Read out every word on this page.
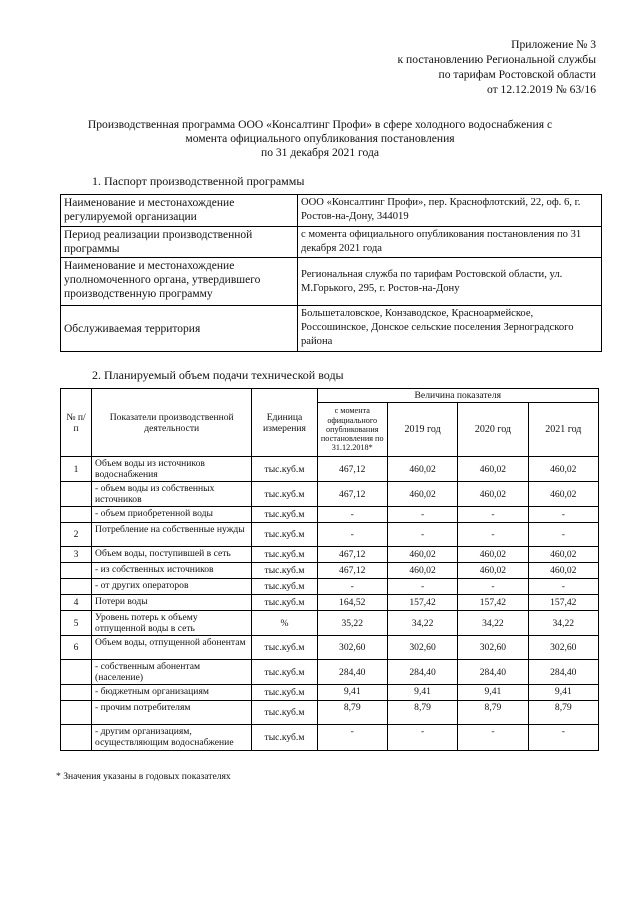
Приложение № 3
к постановлению Региональной службы
по тарифам Ростовской области
от 12.12.2019 № 63/16
Производственная программа ООО «Консалтинг Профи» в сфере холодного водоснабжения с
момента официального опубликования постановления
по 31 декабря 2021 года
1. Паспорт производственной программы
Наименование и местонахождение регулируемой организации	ООО «Консалтинг Профи», пер. Краснофлотский, 22, оф. 6, г. Ростов-на-Дону, 344019
Период реализации производственной программы	с момента официального опубликования постановления по 31 декабря 2021 года
Наименование и местонахождение уполномоченного органа, утвердившего производственную программу	Региональная служба по тарифам Ростовской области, ул. М.Горького, 295, г. Ростов-на-Дону
Обслуживаемая территория	Большеталовское, Конзаводское, Красноармейское, Россошинское, Донское сельские поселения Зерноградского района
2. Планируемый объем подачи технической воды
№ п/п	Показатели производственной деятельности	Единица измерения	Величина показателя			
			с момента официального опубликования постановления по 31.12.2018*	2019 год	2020 год	2021 год
1	Объем воды из источников водоснабжения	тыс.куб.м	467,12	460,02	460,02	460,02
	- объем воды из собственных источников	тыс.куб.м	467,12	460,02	460,02	460,02
	- объем приобретенной воды	тыс.куб.м	-	-	-	-
2	Потребление на собственные нужды	тыс.куб.м	-	-	-	-
3	Объем воды, поступившей в сеть	тыс.куб.м	467,12	460,02	460,02	460,02
	- из собственных источников	тыс.куб.м	467,12	460,02	460,02	460,02
	- от других операторов	тыс.куб.м	-	-	-	-
4	Потери воды	тыс.куб.м	164,52	157,42	157,42	157,42
5	Уровень потерь к объему отпущенной воды в сеть	%	35,22	34,22	34,22	34,22
6	Объем воды, отпущенной абонентам	тыс.куб.м	302,60	302,60	302,60	302,60
	- собственным абонентам (население)	тыс.куб.м	284,40	284,40	284,40	284,40
	- бюджетным организациям	тыс.куб.м	9,41	9,41	9,41	9,41
	- прочим потребителям	тыс.куб.м	8,79	8,79	8,79	8,79
	- другим организациям, осуществляющим водоснабжение	тыс.куб.м	-	-	-	-
* Значения указаны в годовых показателях
